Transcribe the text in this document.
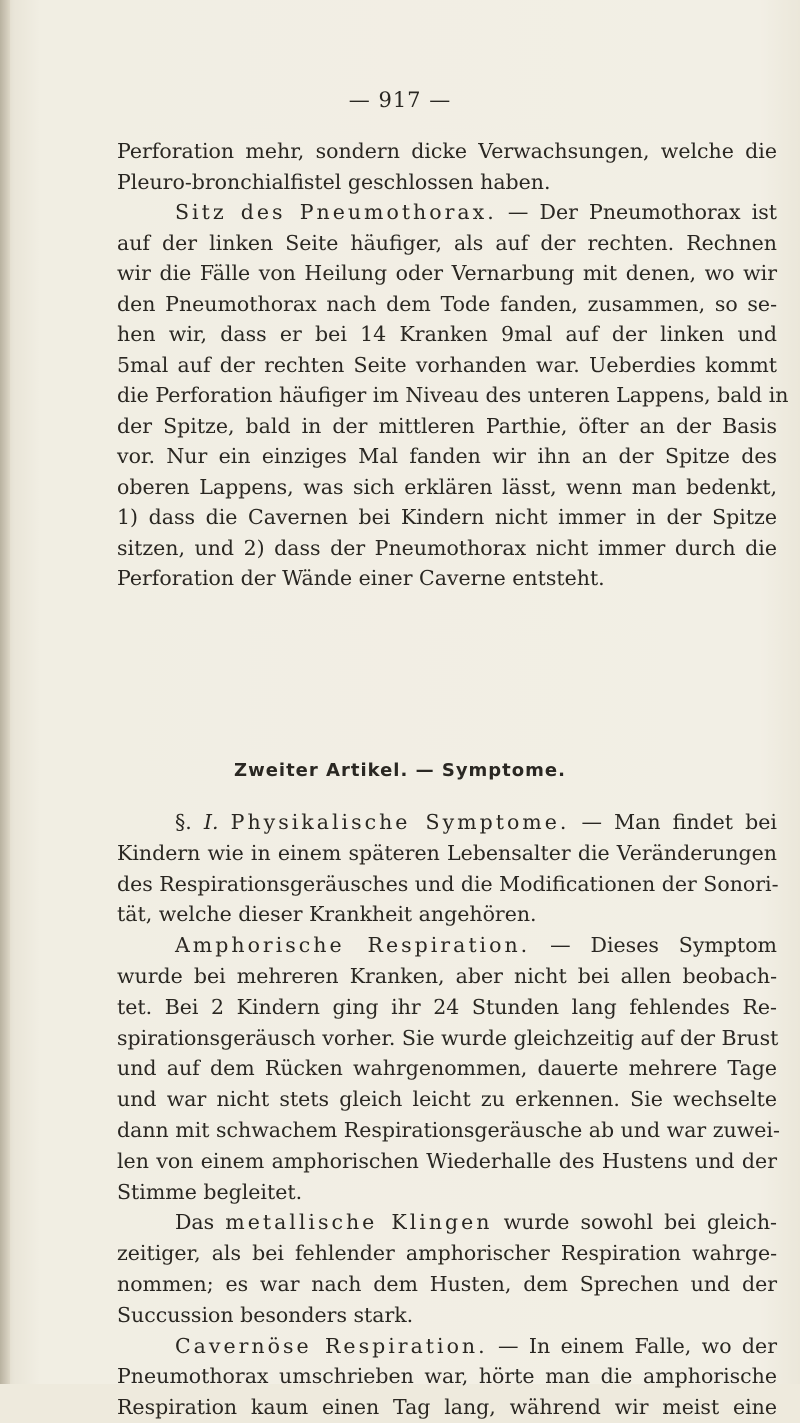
— 917 —
Perforation mehr, sondern dicke Verwachsungen, welche die
Pleuro-bronchialfistel geschlossen haben.
Sitz des Pneumothorax. — Der Pneumothorax ist
auf der linken Seite häufiger, als auf der rechten. Rechnen
wir die Fälle von Heilung oder Vernarbung mit denen, wo wir
den Pneumothorax nach dem Tode fanden, zusammen, so se-
hen wir, dass er bei 14 Kranken 9mal auf der linken und
5mal auf der rechten Seite vorhanden war. Ueberdies kommt
die Perforation häufiger im Niveau des unteren Lappens, bald in
der Spitze, bald in der mittleren Parthie, öfter an der Basis
vor. Nur ein einziges Mal fanden wir ihn an der Spitze des
oberen Lappens, was sich erklären lässt, wenn man bedenkt,
1) dass die Cavernen bei Kindern nicht immer in der Spitze
sitzen, und 2) dass der Pneumothorax nicht immer durch die
Perforation der Wände einer Caverne entsteht.
Zweiter Artikel. — Symptome.
§. I. Physikalische Symptome. — Man findet bei
Kindern wie in einem späteren Lebensalter die Veränderungen
des Respirationsgeräusches und die Modificationen der Sonori-
tät, welche dieser Krankheit angehören.
Amphorische Respiration. — Dieses Symptom
wurde bei mehreren Kranken, aber nicht bei allen beobach-
tet. Bei 2 Kindern ging ihr 24 Stunden lang fehlendes Re-
spirationsgeräusch vorher. Sie wurde gleichzeitig auf der Brust
und auf dem Rücken wahrgenommen, dauerte mehrere Tage
und war nicht stets gleich leicht zu erkennen. Sie wechselte
dann mit schwachem Respirationsgeräusche ab und war zuwei-
len von einem amphorischen Wiederhalle des Hustens und der
Stimme begleitet.
Das metallische Klingen wurde sowohl bei gleich-
zeitiger, als bei fehlender amphorischer Respiration wahrge-
nommen; es war nach dem Husten, dem Sprechen und der
Succussion besonders stark.
Cavernöse Respiration. — In einem Falle, wo der
Pneumothorax umschrieben war, hörte man die amphorische
Respiration kaum einen Tag lang, während wir meist eine
